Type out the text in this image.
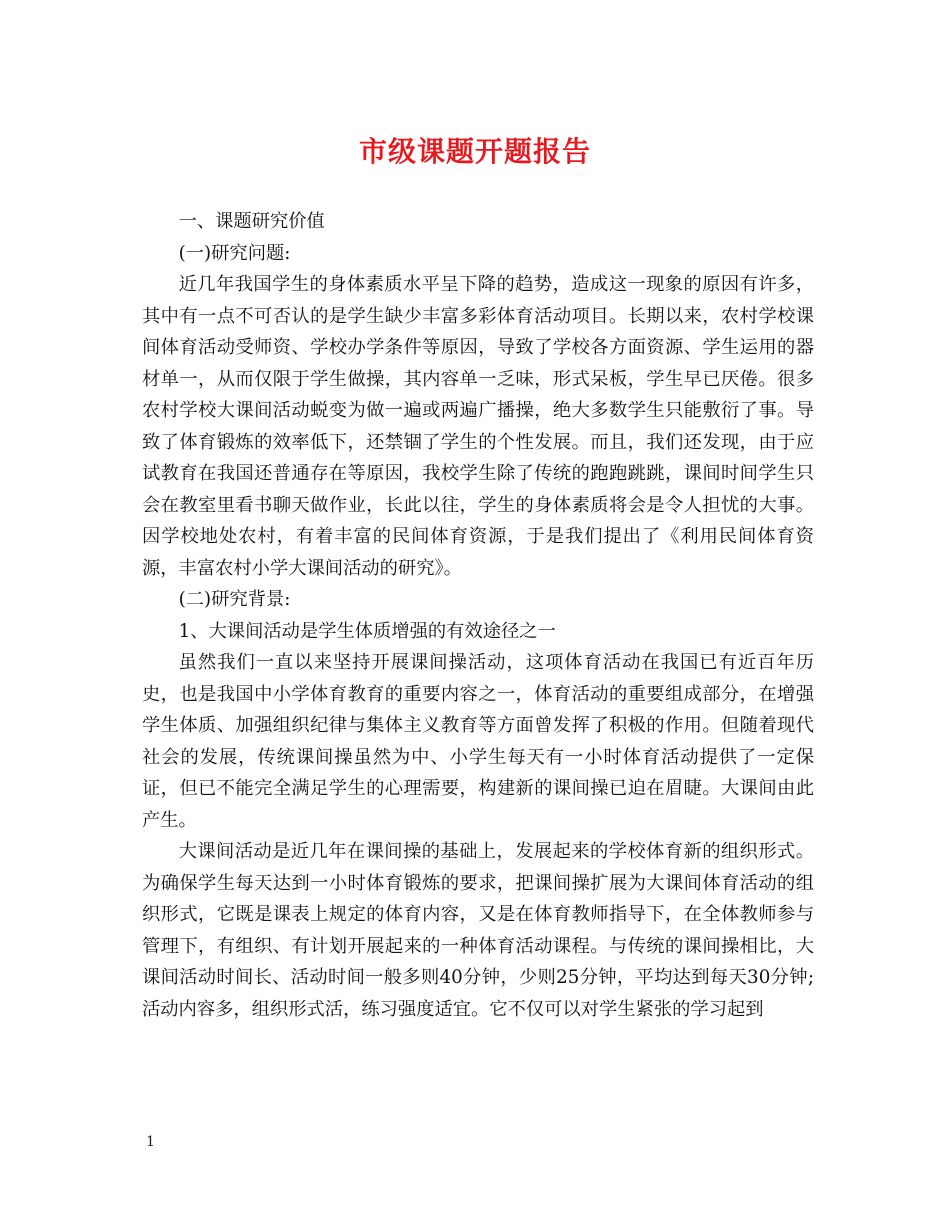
市级课题开题报告

一、课题研究价值

(一)研究问题:

近几年我国学生的身体素质水平呈下降的趋势，造成这一现象的原因有许多，其中有一点不可否认的是学生缺少丰富多彩体育活动项目。长期以来，农村学校课间体育活动受师资、学校办学条件等原因，导致了学校各方面资源、学生运用的器材单一，从而仅限于学生做操，其内容单一乏味，形式呆板，学生早已厌倦。很多农村学校大课间活动蜕变为做一遍或两遍广播操，绝大多数学生只能敷衍了事。导致了体育锻炼的效率低下，还禁锢了学生的个性发展。而且，我们还发现，由于应试教育在我国还普通存在等原因，我校学生除了传统的跑跑跳跳，课间时间学生只会在教室里看书聊天做作业，长此以往，学生的身体素质将会是令人担忧的大事。因学校地处农村，有着丰富的民间体育资源，于是我们提出了《利用民间体育资源，丰富农村小学大课间活动的研究》。

(二)研究背景:

1、大课间活动是学生体质增强的有效途径之一

虽然我们一直以来坚持开展课间操活动，这项体育活动在我国已有近百年历史，也是我国中小学体育教育的重要内容之一，体育活动的重要组成部分，在增强学生体质、加强组织纪律与集体主义教育等方面曾发挥了积极的作用。但随着现代社会的发展，传统课间操虽然为中、小学生每天有一小时体育活动提供了一定保证，但已不能完全满足学生的心理需要，构建新的课间操已迫在眉睫。大课间由此产生。

大课间活动是近几年在课间操的基础上，发展起来的学校体育新的组织形式。为确保学生每天达到一小时体育锻炼的要求，把课间操扩展为大课间体育活动的组织形式，它既是课表上规定的体育内容，又是在体育教师指导下，在全体教师参与管理下，有组织、有计划开展起来的一种体育活动课程。与传统的课间操相比，大课间活动时间长、活动时间一般多则40分钟，少则25分钟，平均达到每天30分钟;活动内容多，组织形式活，练习强度适宜。它不仅可以对学生紧张的学习起到

1
